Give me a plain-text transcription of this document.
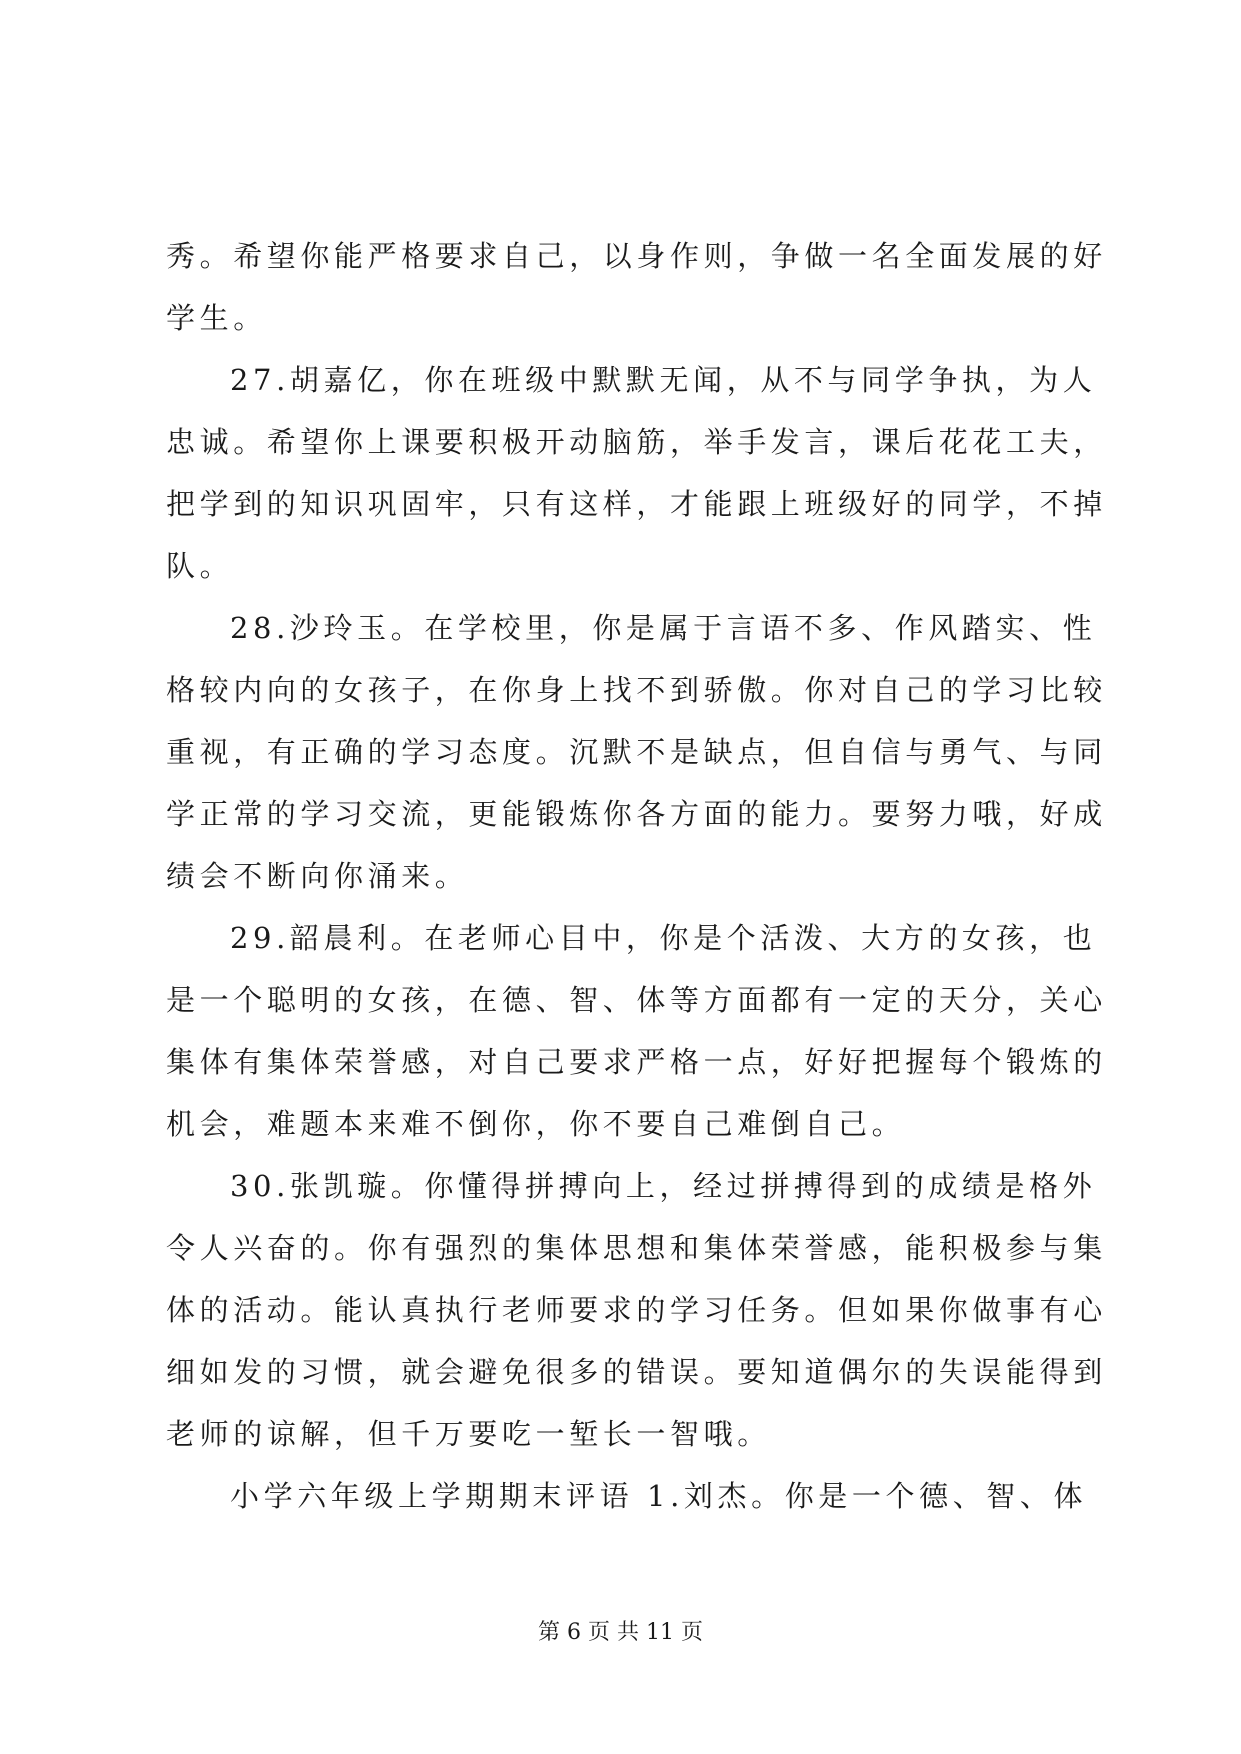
秀。希望你能严格要求自己，以身作则，争做一名全面发展的好
学生。
27.胡嘉亿，你在班级中默默无闻，从不与同学争执，为人
忠诚。希望你上课要积极开动脑筋，举手发言，课后花花工夫，
把学到的知识巩固牢，只有这样，才能跟上班级好的同学，不掉
队。
28.沙玲玉。在学校里，你是属于言语不多、作风踏实、性
格较内向的女孩子，在你身上找不到骄傲。你对自己的学习比较
重视，有正确的学习态度。沉默不是缺点，但自信与勇气、与同
学正常的学习交流，更能锻炼你各方面的能力。要努力哦，好成
绩会不断向你涌来。
29.韶晨利。在老师心目中，你是个活泼、大方的女孩，也
是一个聪明的女孩，在德、智、体等方面都有一定的天分，关心
集体有集体荣誉感，对自己要求严格一点，好好把握每个锻炼的
机会，难题本来难不倒你，你不要自己难倒自己。
30.张凯璇。你懂得拼搏向上，经过拼搏得到的成绩是格外
令人兴奋的。你有强烈的集体思想和集体荣誉感，能积极参与集
体的活动。能认真执行老师要求的学习任务。但如果你做事有心
细如发的习惯，就会避免很多的错误。要知道偶尔的失误能得到
老师的谅解，但千万要吃一堑长一智哦。
小学六年级上学期期末评语 1.刘杰。你是一个德、智、体
第 6 页 共 11 页
